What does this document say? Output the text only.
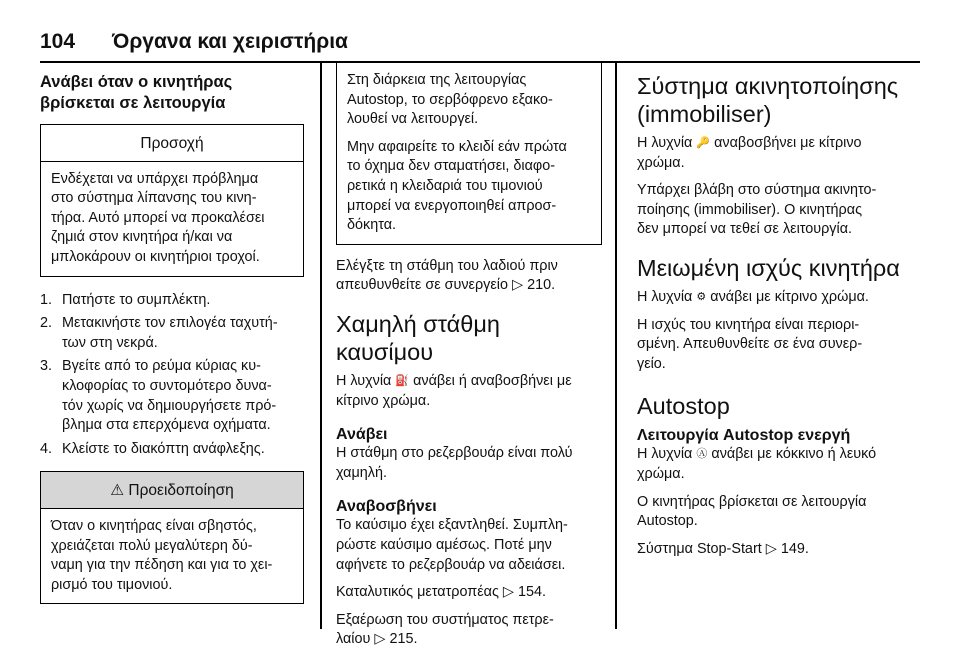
104	Όργανα και χειριστήρια
Ανάβει όταν ο κινητήρας
βρίσκεται σε λειτουργία
Προσοχή
Ενδέχεται να υπάρχει πρόβλημα
στο σύστημα λίπανσης του κινη-
τήρα. Αυτό μπορεί να προκαλέσει
ζημιά στον κινητήρα ή/και να
μπλοκάρουν οι κινητήριοι τροχοί.
1. Πατήστε το συμπλέκτη.
2. Μετακινήστε τον επιλογέα ταχυτή-
των στη νεκρά.
3. Βγείτε από το ρεύμα κύριας κυ-
κλοφορίας το συντομότερο δυνα-
τόν χωρίς να δημιουργήσετε πρό-
βλημα στα επερχόμενα οχήματα.
4. Κλείστε το διακόπτη ανάφλεξης.
⚠ Προειδοποίηση
Όταν ο κινητήρας είναι σβηστός,
χρειάζεται πολύ μεγαλύτερη δύ-
ναμη για την πέδηση και για το χει-
ρισμό του τιμονιού.

Στη διάρκεια της λειτουργίας
Autostop, το σερβόφρενο εξακο-
λουθεί να λειτουργεί.

Μην αφαιρείτε το κλειδί εάν πρώτα
το όχημα δεν σταματήσει, διαφο-
ρετικά η κλειδαριά του τιμονιού
μπορεί να ενεργοποιηθεί απροσ-
δόκητα.

Ελέγξτε τη στάθμη του λαδιού πριν
απευθυνθείτε σε συνεργείο ▷ 210.

Χαμηλή στάθμη καυσίμου

Η λυχνία ⛽ ανάβει ή αναβοσβήνει με
κίτρινο χρώμα.

Ανάβει

Η στάθμη στο ρεζερβουάρ είναι πολύ
χαμηλή.

Αναβοσβήνει

Το καύσιμο έχει εξαντληθεί. Συμπλη-
ρώστε καύσιμο αμέσως. Ποτέ μην
αφήνετε το ρεζερβουάρ να αδειάσει.

Καταλυτικός μετατροπέας ▷ 154.

Εξαέρωση του συστήματος πετρε-
λαίου ▷ 215.

Σύστημα ακινητοποίησης
(immobiliser)

Η λυχνία 🔑 αναβοσβήνει με κίτρινο
χρώμα.

Υπάρχει βλάβη στο σύστημα ακινητο-
ποίησης (immobiliser). Ο κινητήρας
δεν μπορεί να τεθεί σε λειτουργία.

Μειωμένη ισχύς κινητήρα

Η λυχνία ⚙ ανάβει με κίτρινο χρώμα.

Η ισχύς του κινητήρα είναι περιορι-
σμένη. Απευθυνθείτε σε ένα συνερ-
γείο.

Autostop
Λειτουργία Autostop ενεργή

Η λυχνία Ⓐ ανάβει με κόκκινο ή λευκό
χρώμα.

Ο κινητήρας βρίσκεται σε λειτουργία
Autostop.

Σύστημα Stop-Start ▷ 149.
